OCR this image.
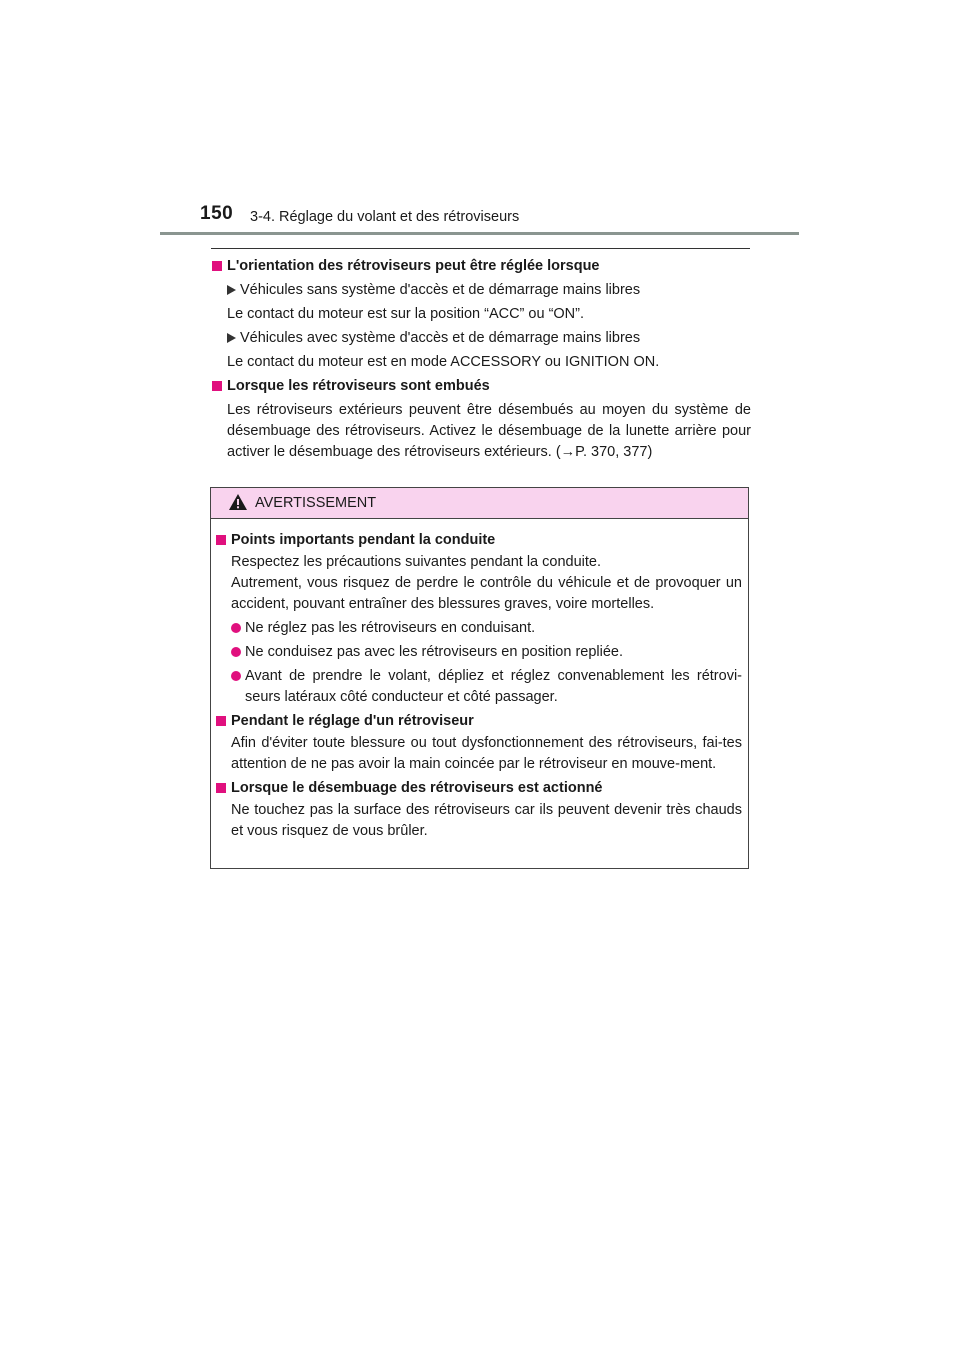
150 3-4. Réglage du volant et des rétroviseurs
L'orientation des rétroviseurs peut être réglée lorsque
Véhicules sans système d'accès et de démarrage mains libres
Le contact du moteur est sur la position “ACC” ou “ON”.
Véhicules avec système d'accès et de démarrage mains libres
Le contact du moteur est en mode ACCESSORY ou IGNITION ON.
Lorsque les rétroviseurs sont embués
Les rétroviseurs extérieurs peuvent être désembués au moyen du système de désembuage des rétroviseurs. Activez le désembuage de la lunette arrière pour activer le désembuage des rétroviseurs extérieurs. (→P. 370, 377)
AVERTISSEMENT
Points importants pendant la conduite
Respectez les précautions suivantes pendant la conduite.
Autrement, vous risquez de perdre le contrôle du véhicule et de provoquer un accident, pouvant entraîner des blessures graves, voire mortelles.
Ne réglez pas les rétroviseurs en conduisant.
Ne conduisez pas avec les rétroviseurs en position repliée.
Avant de prendre le volant, dépliez et réglez convenablement les rétrovi-seurs latéraux côté conducteur et côté passager.
Pendant le réglage d'un rétroviseur
Afin d'éviter toute blessure ou tout dysfonctionnement des rétroviseurs, fai-tes attention de ne pas avoir la main coincée par le rétroviseur en mouve-ment.
Lorsque le désembuage des rétroviseurs est actionné
Ne touchez pas la surface des rétroviseurs car ils peuvent devenir très chauds et vous risquez de vous brûler.
